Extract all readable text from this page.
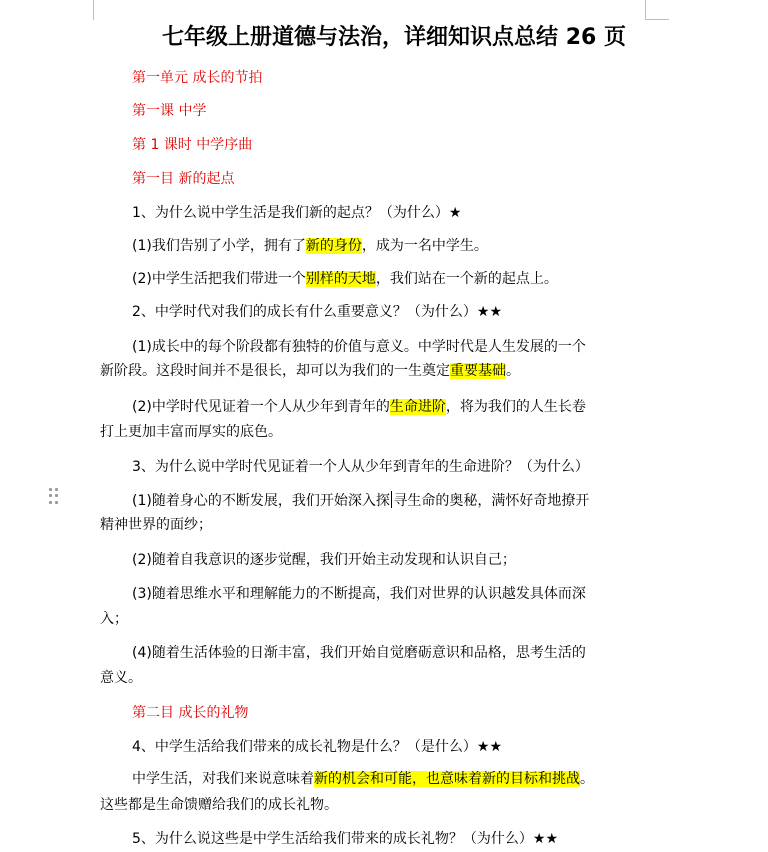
七年级上册道德与法治，详细知识点总结 26 页
第一单元 成长的节拍
第一课 中学
第 1 课时 中学序曲
第一目 新的起点
1、为什么说中学生活是我们新的起点？（为什么）★
(1)我们告别了小学，拥有了新的身份，成为一名中学生。
(2)中学生活把我们带进一个别样的天地，我们站在一个新的起点上。
2、中学时代对我们的成长有什么重要意义？（为什么）★★
(1)成长中的每个阶段都有独特的价值与意义。中学时代是人生发展的一个
新阶段。这段时间并不是很长，却可以为我们的一生奠定重要基础。
(2)中学时代见证着一个人从少年到青年的生命进阶，将为我们的人生长卷
打上更加丰富而厚实的底色。
3、为什么说中学时代见证着一个人从少年到青年的生命进阶？（为什么）
(1)随着身心的不断发展，我们开始深入探 寻生命的奥秘，满怀好奇地撩开
精神世界的面纱；
(2)随着自我意识的逐步觉醒，我们开始主动发现和认识自己；
(3)随着思维水平和理解能力的不断提高，我们对世界的认识越发具体而深
入；
(4)随着生活体验的日渐丰富，我们开始自觉磨砺意识和品格，思考生活的
意义。
第二目 成长的礼物
4、中学生活给我们带来的成长礼物是什么？（是什么）★★
中学生活，对我们来说意味着新的机会和可能，也意味着新的目标和挑战。
这些都是生命馈赠给我们的成长礼物。
5、为什么说这些是中学生活给我们带来的成长礼物？（为什么）★★
